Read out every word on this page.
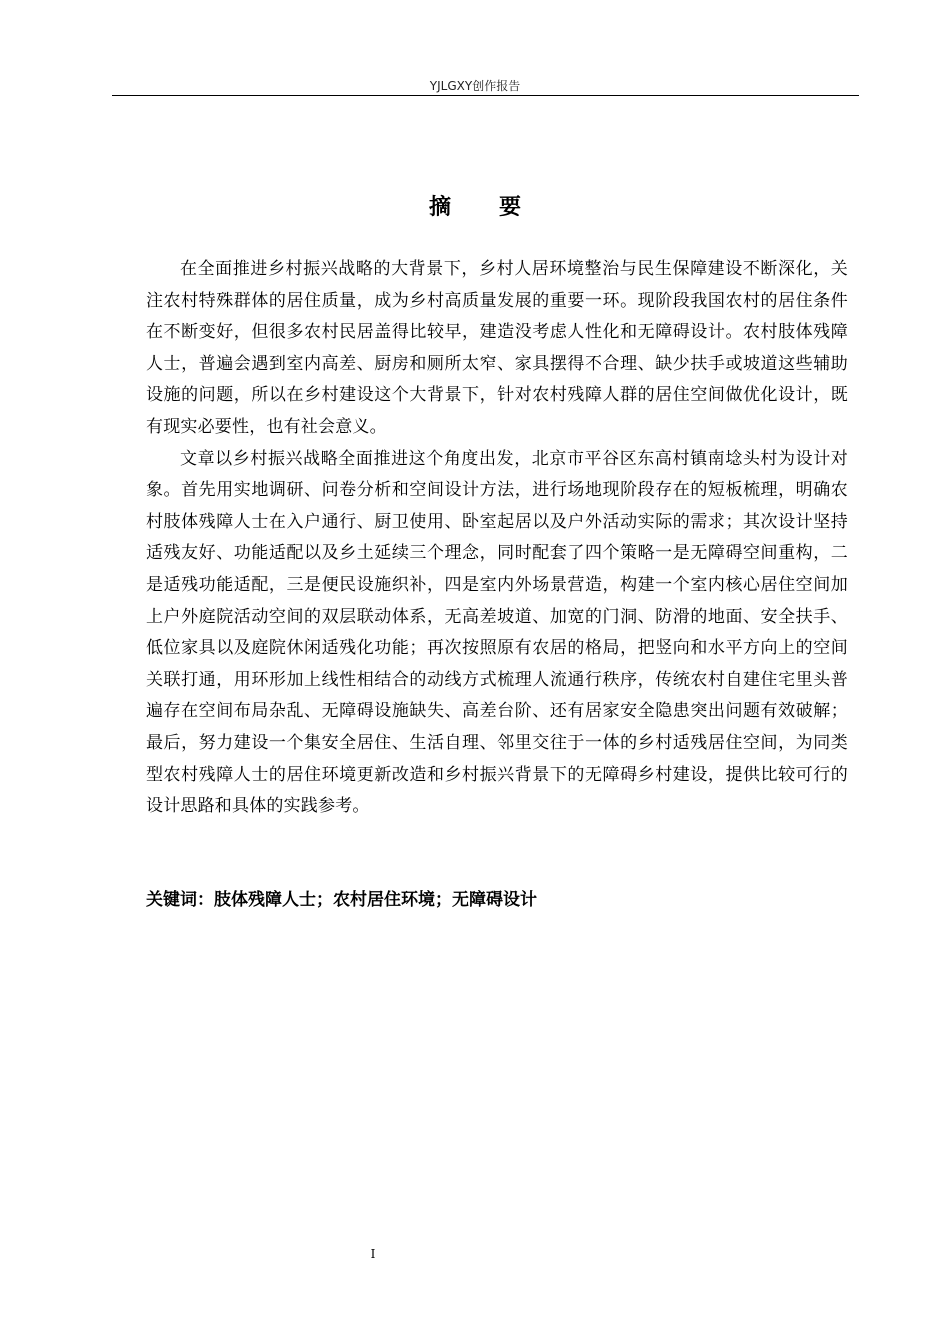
YJLGXY创作报告
摘 要

在全面推进乡村振兴战略的大背景下，乡村人居环境整治与民生保障建设不断深化，关注农村特殊群体的居住质量，成为乡村高质量发展的重要一环。现阶段我国农村的居住条件在不断变好，但很多农村民居盖得比较早，建造没考虑人性化和无障碍设计。农村肢体残障人士，普遍会遇到室内高差、厨房和厕所太窄、家具摆得不合理、缺少扶手或坡道这些辅助设施的问题，所以在乡村建设这个大背景下，针对农村残障人群的居住空间做优化设计，既有现实必要性，也有社会意义。

文章以乡村振兴战略全面推进这个角度出发，北京市平谷区东高村镇南埝头村为设计对象。首先用实地调研、问卷分析和空间设计方法，进行场地现阶段存在的短板梳理，明确农村肢体残障人士在入户通行、厨卫使用、卧室起居以及户外活动实际的需求；其次设计坚持适残友好、功能适配以及乡土延续三个理念，同时配套了四个策略一是无障碍空间重构，二是适残功能适配，三是便民设施织补，四是室内外场景营造，构建一个室内核心居住空间加上户外庭院活动空间的双层联动体系，无高差坡道、加宽的门洞、防滑的地面、安全扶手、低位家具以及庭院休闲适残化功能；再次按照原有农居的格局，把竖向和水平方向上的空间关联打通，用环形加上线性相结合的动线方式梳理人流通行秩序，传统农村自建住宅里头普遍存在空间布局杂乱、无障碍设施缺失、高差台阶、还有居家安全隐患突出问题有效破解；最后，努力建设一个集安全居住、生活自理、邻里交往于一体的乡村适残居住空间，为同类型农村残障人士的居住环境更新改造和乡村振兴背景下的无障碍乡村建设，提供比较可行的设计思路和具体的实践参考。

关键词：肢体残障人士；农村居住环境；无障碍设计
I
